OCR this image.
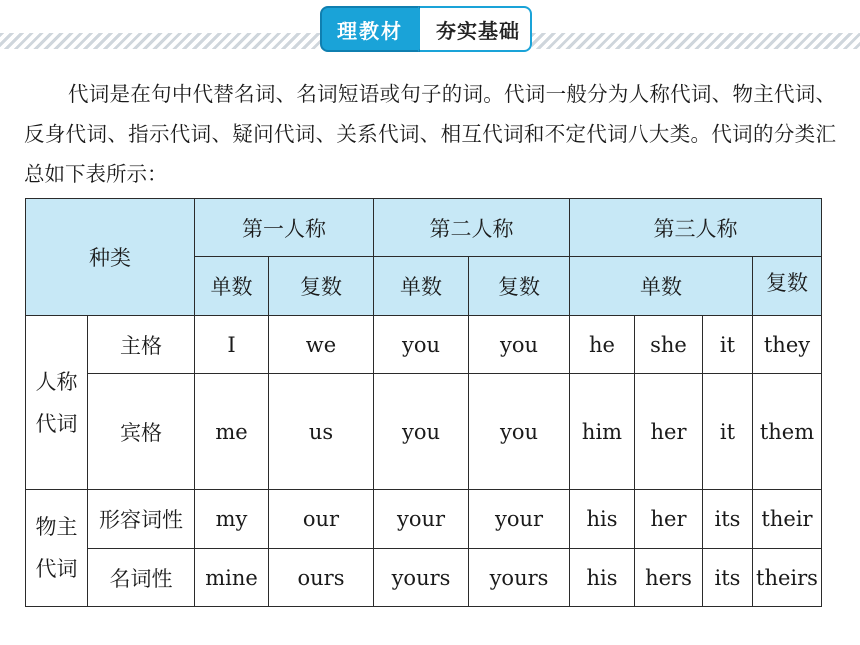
理教材	夯实基础

代词是在句中代替名词、名词短语或句子的词。代词一般分为人称代词、物主代词、反身代词、指示代词、疑问代词、关系代词、相互代词和不定代词八大类。代词的分类汇总如下表所示：

种类		第一人称		第二人称		第三人称			
		单数	复数	单数	复数	单数			复数
人称代词	主格	I	we	you	you	he	she	it	they
	宾格	me	us	you	you	him	her	it	them
物主代词	形容词性	my	our	your	your	his	her	its	their
	名词性	mine	ours	yours	yours	his	hers	its	theirs
